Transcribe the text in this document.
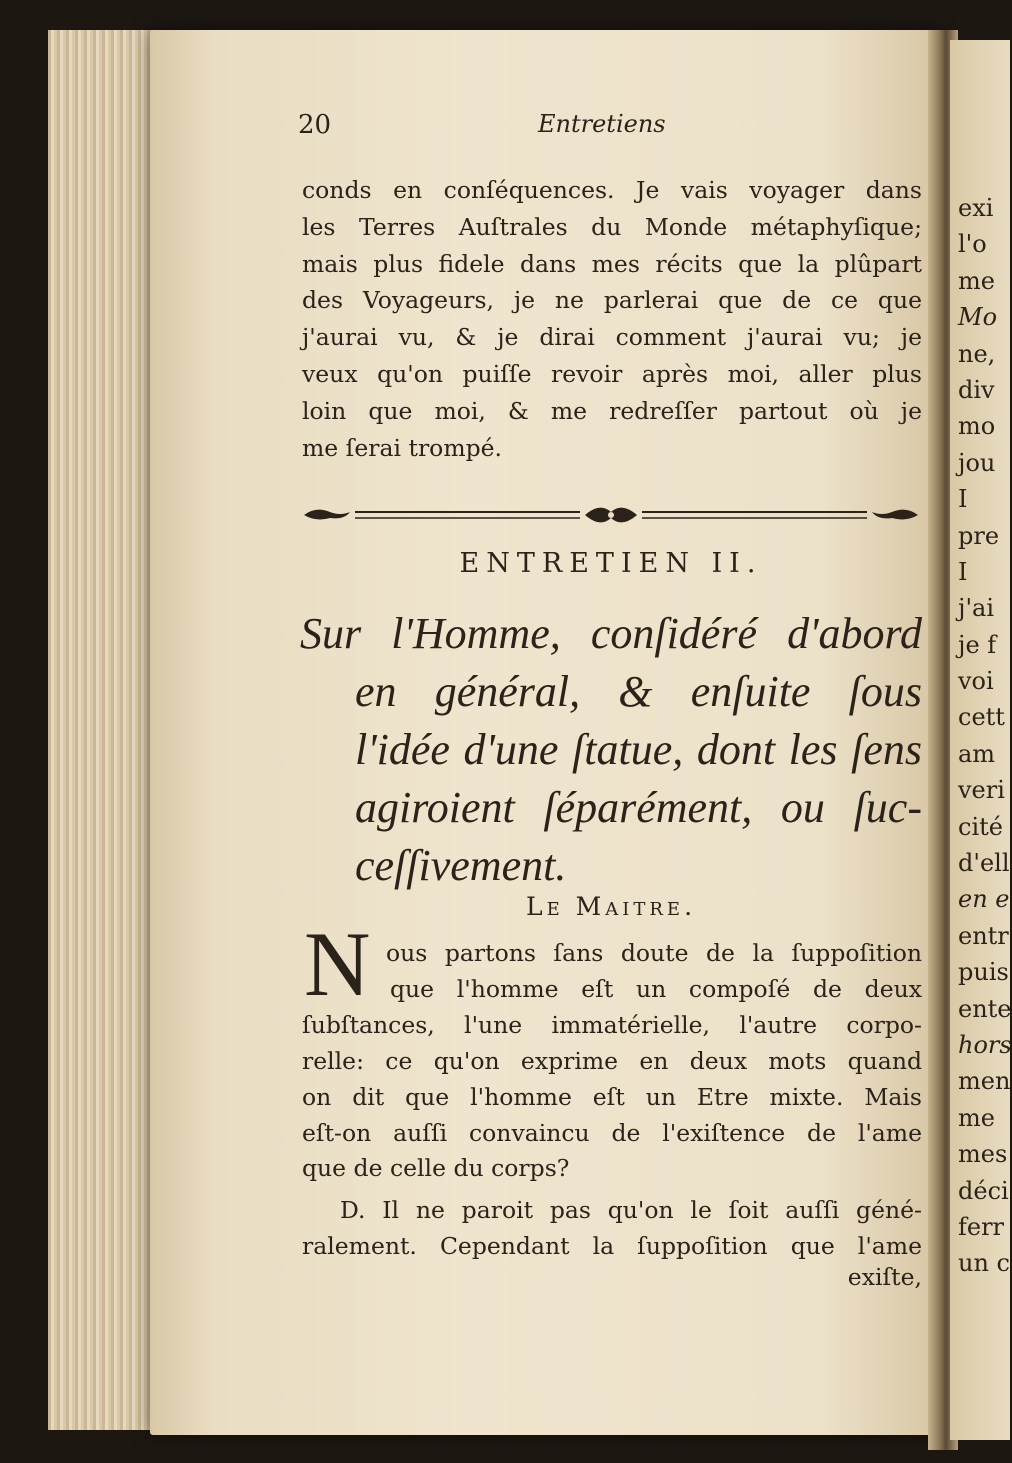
exi
l'o
me
Mo
ne,
div
mo
jou
I
pre
I
j'ai
je f
voi
cett
am
veri
cité
d'ell
en e
entr
puis
ente
hors
men
me
mes
déci
ferr
un c
20	Entretiens
conds en conſéquences. Je vais voyager dans
les Terres Auſtrales du Monde métaphyſique;
mais plus fidele dans mes récits que la plûpart
des Voyageurs, je ne parlerai que de ce que
j'aurai vu, & je dirai comment j'aurai vu; je
veux qu'on puiſſe revoir après moi, aller plus
loin que moi, & me redreſſer partout où je
me ſerai trompé.
ENTRETIEN II.
Sur l'Homme, conſidéré d'abord
en général, & enſuite ſous
l'idée d'une ſtatue, dont les ſens
agiroient ſéparément, ou ſuc-
ceſſivement.
Le Maitre.
N ous partons ſans doute de la ſuppoſition
que l'homme eſt un compoſé de deux
ſubſtances, l'une immatérielle, l'autre corpo-
relle: ce qu'on exprime en deux mots quand
on dit que l'homme eſt un Etre mixte. Mais
eſt-on auſſi convaincu de l'exiſtence de l'ame
que de celle du corps?
D. Il ne paroit pas qu'on le ſoit auſſi géné-
ralement. Cependant la ſuppoſition que l'ame
exiſte,
